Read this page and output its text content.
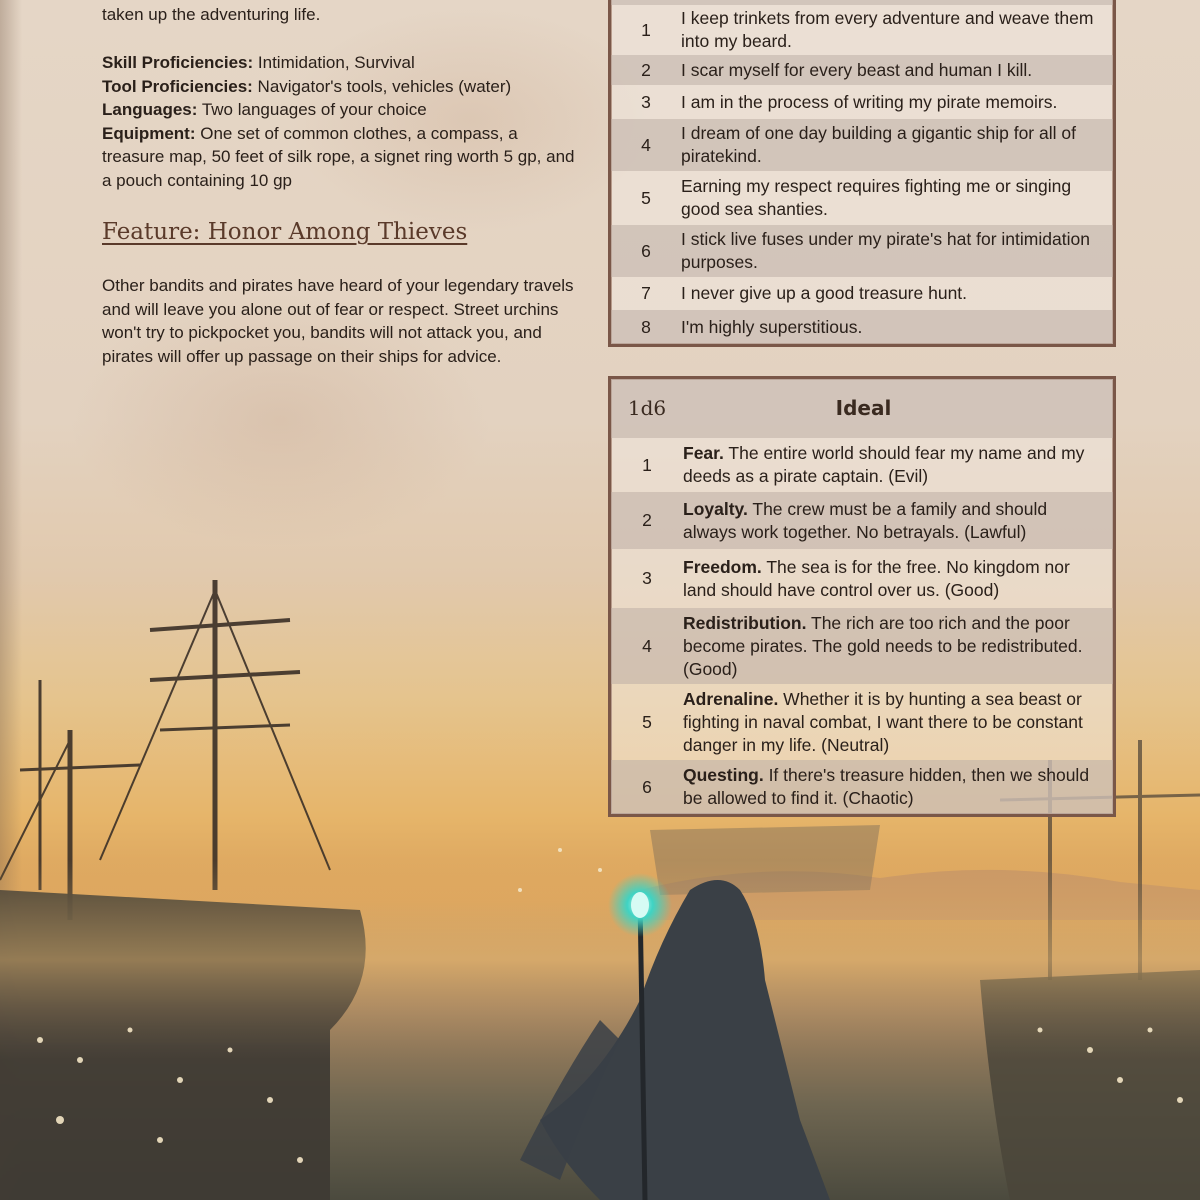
taken up the adventuring life.

Skill Proficiencies: Intimidation, Survival

Tool Proficiencies: Navigator's tools, vehicles (water)

Languages: Two languages of your choice

Equipment: One set of common clothes, a compass, a treasure map, 50 feet of silk rope, a signet ring worth 5 gp, and a pouch containing 10 gp

Feature: Honor Among Thieves

Other bandits and pirates have heard of your legendary travels and will leave you alone out of fear or respect. Street urchins won't try to pickpocket you, bandits will not attack you, and pirates will offer up passage on their ships for advice.

1	I keep trinkets from every adventure and weave them into my beard.
2	I scar myself for every beast and human I kill.
3	I am in the process of writing my pirate memoirs.
4	I dream of one day building a gigantic ship for all of piratekind.
5	Earning my respect requires fighting me or singing good sea shanties.
6	I stick live fuses under my pirate's hat for intimidation purposes.
7	I never give up a good treasure hunt.
8	I'm highly superstitious.
1d6	Ideal
1	Fear. The entire world should fear my name and my deeds as a pirate captain. (Evil)
2	Loyalty. The crew must be a family and should always work together. No betrayals. (Lawful)
3	Freedom. The sea is for the free. No kingdom nor land should have control over us. (Good)
4	Redistribution. The rich are too rich and the poor become pirates. The gold needs to be redistributed. (Good)
5	Adrenaline. Whether it is by hunting a sea beast or fighting in naval combat, I want there to be constant danger in my life. (Neutral)
6	Questing. If there's treasure hidden, then we should be allowed to find it. (Chaotic)
